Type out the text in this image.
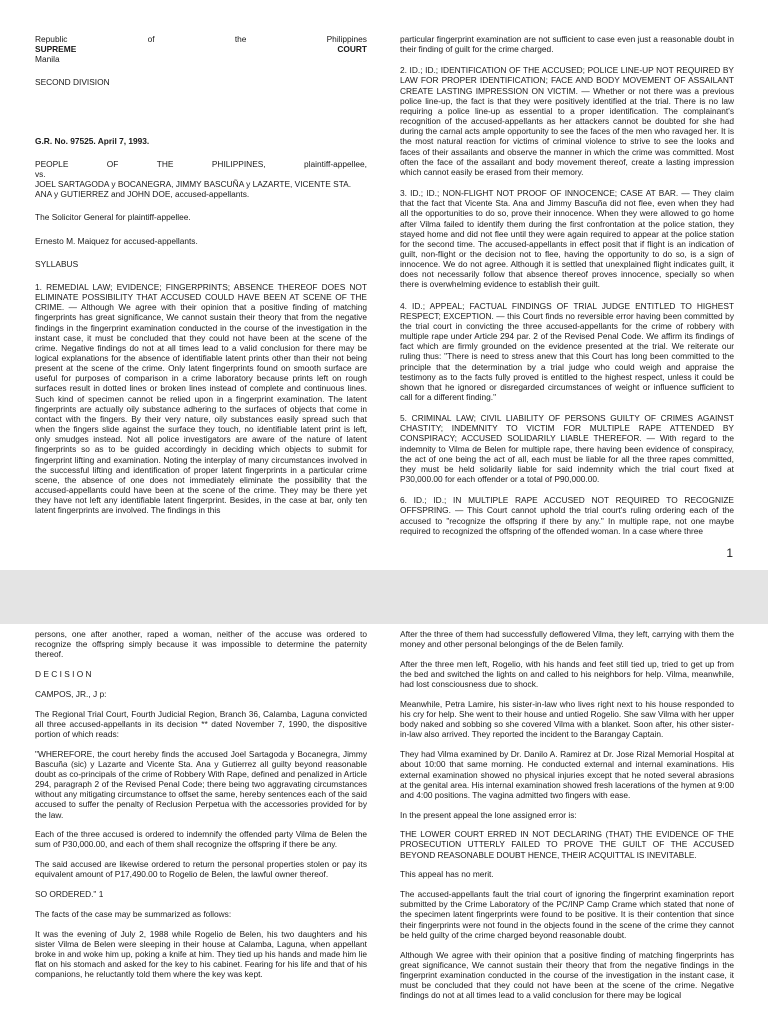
Republic	of	the	Philippines
SUPREME	COURT

Manila

SECOND DIVISION

G.R. No. 97525. April 7, 1993.

PEOPLE	OF	THE	PHILIPPINES,	plaintiff-appellee,
vs.

JOEL SARTAGODA y BOCANEGRA, JIMMY BASCUÑA y LAZARTE, VICENTE STA. ANA y GUTIERREZ and JOHN DOE, accused-appellants.

The Solicitor General for plaintiff-appellee.

Ernesto M. Maiquez for accused-appellants.

SYLLABUS

1. REMEDIAL LAW; EVIDENCE; FINGERPRINTS; ABSENCE THEREOF DOES NOT ELIMINATE POSSIBILITY THAT ACCUSED COULD HAVE BEEN AT SCENE OF THE CRIME. — Although We agree with their opinion that a positive finding of matching fingerprints has great significance, We cannot sustain their theory that from the negative findings in the fingerprint examination conducted in the course of the investigation in the instant case, it must be concluded that they could not have been at the scene of the crime. Negative findings do not at all times lead to a valid conclusion for there may be logical explanations for the absence of identifiable latent prints other than their not being present at the scene of the crime. Only latent fingerprints found on smooth surface are useful for purposes of comparison in a crime laboratory because prints left on rough surfaces result in dotted lines or broken lines instead of complete and continuous lines. Such kind of specimen cannot be relied upon in a fingerprint examination. The latent fingerprints are actually oily substance adhering to the surfaces of objects that come in contact with the fingers. By their very nature, oily substances easily spread such that when the fingers slide against the surface they touch, no identifiable latent print is left, only smudges instead. Not all police investigators are aware of the nature of latent fingerprints so as to be guided accordingly in deciding which objects to submit for fingerprint lifting and examination. Noting the interplay of many circumstances involved in the successful lifting and identification of proper latent fingerprints in a particular crime scene, the absence of one does not immediately eliminate the possibility that the accused-appellants could have been at the scene of the crime. They may be there yet they have not left any identifiable latent fingerprint. Besides, in the case at bar, only ten latent fingerprints are involved. The findings in this

particular fingerprint examination are not sufficient to case even just a reasonable doubt in their finding of guilt for the crime charged.

2. ID.; ID.; IDENTIFICATION OF THE ACCUSED; POLICE LINE-UP NOT REQUIRED BY LAW FOR PROPER IDENTIFICATION; FACE AND BODY MOVEMENT OF ASSAILANT CREATE LASTING IMPRESSION ON VICTIM. — Whether or not there was a previous police line-up, the fact is that they were positively identified at the trial. There is no law requiring a police line-up as essential to a proper identification. The complainant's recognition of the accused-appellants as her attackers cannot be doubted for she had during the carnal acts ample opportunity to see the faces of the men who ravaged her. It is the most natural reaction for victims of criminal violence to strive to see the looks and faces of their assailants and observe the manner in which the crime was committed. Most often the face of the assailant and body movement thereof, create a lasting impression which cannot easily be erased from their memory.

3. ID.; ID.; NON-FLIGHT NOT PROOF OF INNOCENCE; CASE AT BAR. — They claim that the fact that Vicente Sta. Ana and Jimmy Bascuña did not flee, even when they had all the opportunities to do so, prove their innocence. When they were allowed to go home after Vilma failed to identify them during the first confrontation at the police station, they stayed home and did not flee until they were again required to appear at the police station for the second time. The accused-appellants in effect posit that if flight is an indication of guilt, non-flight or the decision not to flee, having the opportunity to do so, is a sign of innocence. We do not agree. Although it is settled that unexplained flight indicates guilt, it does not necessarily follow that absence thereof proves innocence, specially so when there is overwhelming evidence to establish their guilt.

4. ID.; APPEAL; FACTUAL FINDINGS OF TRIAL JUDGE ENTITLED TO HIGHEST RESPECT; EXCEPTION. — this Court finds no reversible error having been committed by the trial court in convicting the three accused-appellants for the crime of robbery with multiple rape under Article 294 par. 2 of the Revised Penal Code. We affirm its findings of fact which are firmly grounded on the evidence presented at the trial. We reiterate our ruling thus: "There is need to stress anew that this Court has long been committed to the principle that the determination by a trial judge who could weigh and appraise the testimony as to the facts fully proved is entitled to the highest respect, unless it could be shown that he ignored or disregarded circumstances of weight or influence sufficient to call for a different finding."

5. CRIMINAL LAW; CIVIL LIABILITY OF PERSONS GUILTY OF CRIMES AGAINST CHASTITY; INDEMNITY TO VICTIM FOR MULTIPLE RAPE ATTENDED BY CONSPIRACY; ACCUSED SOLIDARILY LIABLE THEREFOR. — With regard to the indemnity to Vilma de Belen for multiple rape, there having been evidence of conspiracy, the act of one being the act of all, each must be liable for all the three rapes committed, they must be held solidarily liable for said indemnity which the trial court fixed at P30,000.00 for each offender or a total of P90,000.00.

6. ID.; ID.; IN MULTIPLE RAPE ACCUSED NOT REQUIRED TO RECOGNIZE OFFSPRING. — This Court cannot uphold the trial court's ruling ordering each of the accused to "recognize the offspring if there by any." In multiple rape, not one maybe required to recognized the offspring of the offended woman. In a case where three

1

persons, one after another, raped a woman, neither of the accuse was ordered to recognize the offspring simply because it was impossible to determine the paternity thereof.

D E C I S I O N

CAMPOS, JR., J p:

The Regional Trial Court, Fourth Judicial Region, Branch 36, Calamba, Laguna convicted all three accused-appellants in its decision ** dated November 7, 1990, the dispositive portion of which reads:

"WHEREFORE, the court hereby finds the accused Joel Sartagoda y Bocanegra, Jimmy Bascuña (sic) y Lazarte and Vicente Sta. Ana y Gutierrez all guilty beyond reasonable doubt as co-principals of the crime of Robbery With Rape, defined and penalized in Article 294, paragraph 2 of the Revised Penal Code; there being two aggravating circumstances without any mitigating circumstance to offset the same, hereby sentences each of the said accused to suffer the penalty of Reclusion Perpetua with the accessories provided for by the law.

Each of the three accused is ordered to indemnify the offended party Vilma de Belen the sum of P30,000.00, and each of them shall recognize the offspring if there be any.

The said accused are likewise ordered to return the personal properties stolen or pay its equivalent amount of P17,490.00 to Rogelio de Belen, the lawful owner thereof.

SO ORDERED." 1

The facts of the case may be summarized as follows:

It was the evening of July 2, 1988 while Rogelio de Belen, his two daughters and his sister Vilma de Belen were sleeping in their house at Calamba, Laguna, when appellant broke in and woke him up, poking a knife at him. They tied up his hands and made him lie flat on his stomach and asked for the key to his cabinet. Fearing for his life and that of his companions, he reluctantly told them where the key was kept.

After the three of them had successfully deflowered Vilma, they left, carrying with them the money and other personal belongings of the de Belen family.

After the three men left, Rogelio, with his hands and feet still tied up, tried to get up from the bed and switched the lights on and called to his neighbors for help. Vilma, meanwhile, had lost consciousness due to shock.

Meanwhile, Petra Lamire, his sister-in-law who lives right next to his house responded to his cry for help. She went to their house and untied Rogelio. She saw Vilma with her upper body naked and sobbing so she covered Vilma with a blanket. Soon after, his other sister-in-law also arrived. They reported the incident to the Barangay Captain.

They had Vilma examined by Dr. Danilo A. Ramirez at Dr. Jose Rizal Memorial Hospital at about 10:00 that same morning. He conducted external and internal examinations. His external examination showed no physical injuries except that he noted several abrasions at the genital area. His internal examination showed fresh lacerations of the hymen at 9:00 and 4:00 positions. The vagina admitted two fingers with ease.

In the present appeal the lone assigned error is:

THE LOWER COURT ERRED IN NOT DECLARING (THAT) THE EVIDENCE OF THE PROSECUTION UTTERLY FAILED TO PROVE THE GUILT OF THE ACCUSED BEYOND REASONABLE DOUBT HENCE, THEIR ACQUITTAL IS INEVITABLE.

This appeal has no merit.

The accused-appellants fault the trial court of ignoring the fingerprint examination report submitted by the Crime Laboratory of the PC/INP Camp Crame which stated that none of the specimen latent fingerprints were found to be positive. It is their contention that since their fingerprints were not found in the objects found in the scene of the crime they cannot be held guilty of the crime charged beyond reasonable doubt.

Although We agree with their opinion that a positive finding of matching fingerprints has great significance, We cannot sustain their theory that from the negative findings in the fingerprint examination conducted in the course of the investigation in the instant case, it must be concluded that they could not have been at the scene of the crime. Negative findings do not at all times lead to a valid conclusion for there may be logical
